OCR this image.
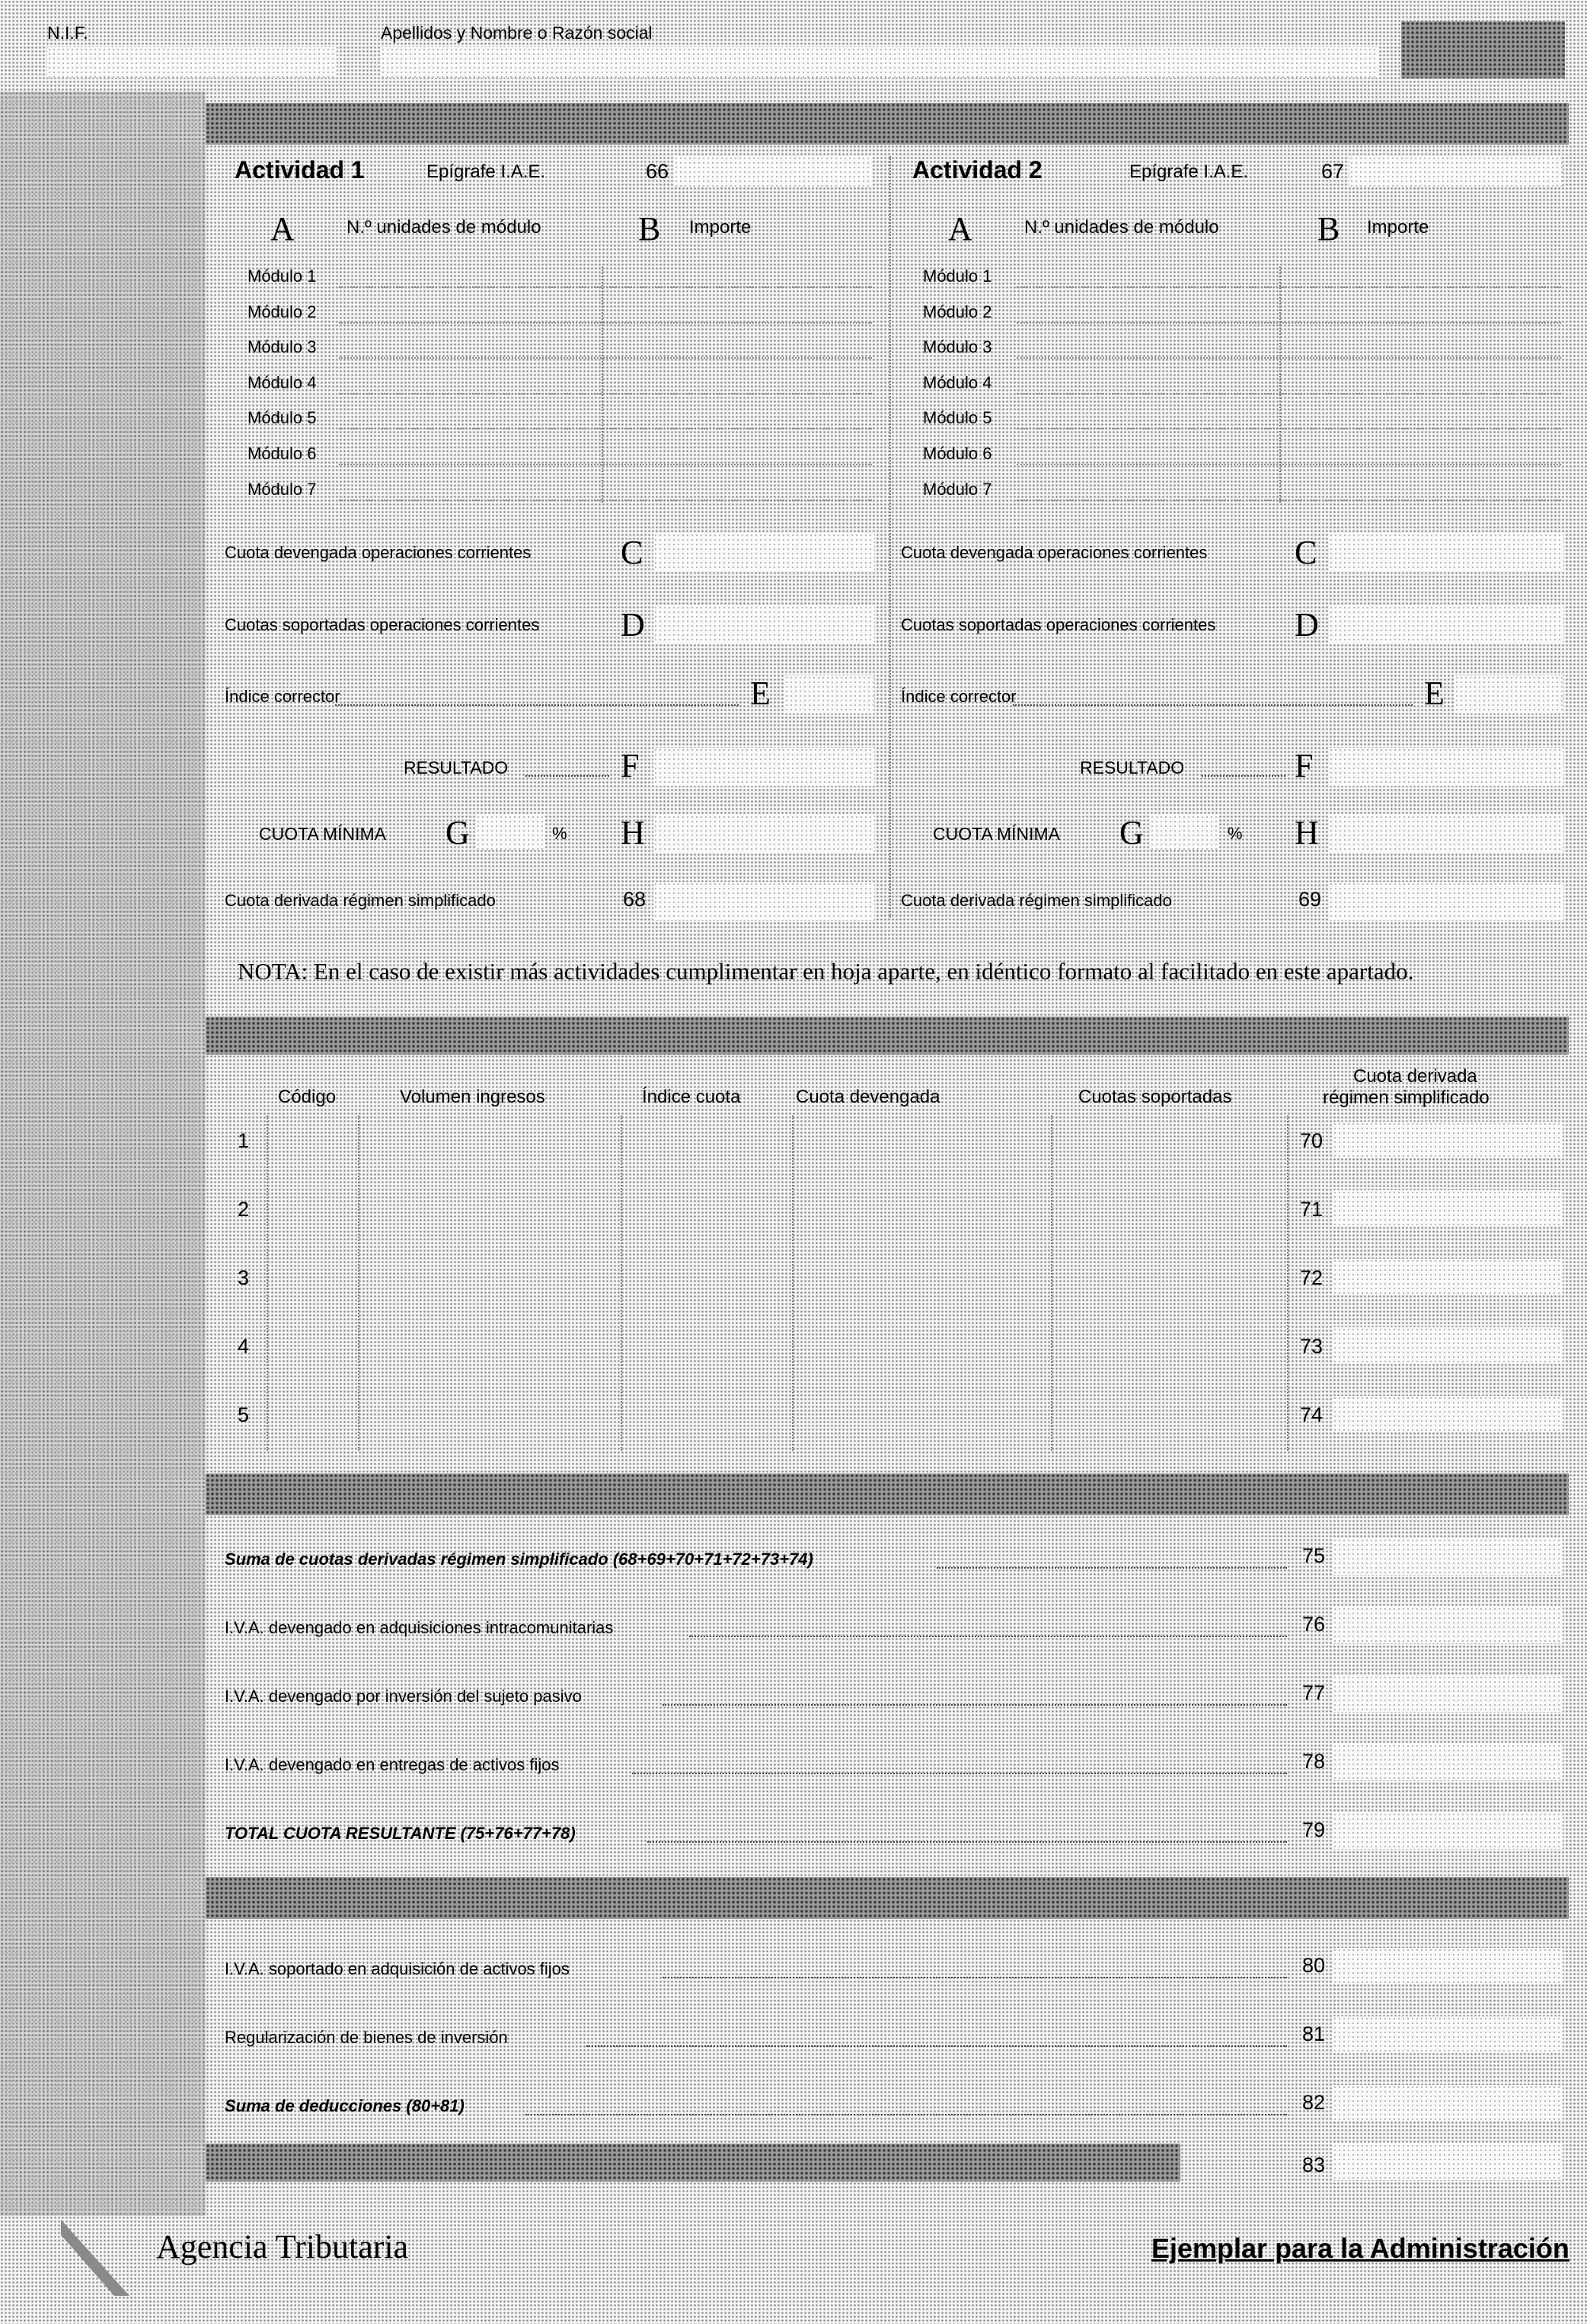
N.I.F.	Apellidos y Nombre o Razón social
Actividad 1	Epígrafe I.A.E.	66
A	N.º unidades de módulo	B Importe
Módulo 1
Módulo 2
Módulo 3
Módulo 4
Módulo 5
Módulo 6
Módulo 7
Cuota devengada operaciones corrientes	C
Cuotas soportadas operaciones corrientes D
Índice corrector	E
RESULTADO	F
CUOTA MÍNIMA G	% H
Cuota derivada régimen simplificado	68
Actividad 2	Epígrafe I.A.E.	67
A	N.º unidades de módulo	B Importe
Módulo 1
Módulo 2
Módulo 3
Módulo 4
Módulo 5
Módulo 6
Módulo 7
Cuota devengada operaciones corrientes	C
Cuotas soportadas operaciones corrientes D
Índice corrector	E
RESULTADO	F
CUOTA MÍNIMA G	% H
Cuota derivada régimen simplificado	69
NOTA: En el caso de existir más actividades cumplimentar en hoja aparte, en idéntico formato al facilitado en este apartado.
Código	Volumen ingresos	Índice cuota	Cuota devengada	Cuotas soportadas
Cuota derivada
régimen simplificado
1	70
2	71
3	72
4	73
5	74
Suma de cuotas derivadas régimen simplificado (68+69+70+71+72+73+74)	75
I.V.A. devengado en adquisiciones intracomunitarias	76
I.V.A. devengado por inversión del sujeto pasivo	77
I.V.A. devengado en entregas de activos fijos	78
TOTAL CUOTA RESULTANTE (75+76+77+78)	79
I.V.A. soportado en adquisición de activos fijos	80
Regularización de bienes de inversión	81
Suma de deducciones (80+81)	82
83
Agencia Tributaria	Ejemplar para la Administración
